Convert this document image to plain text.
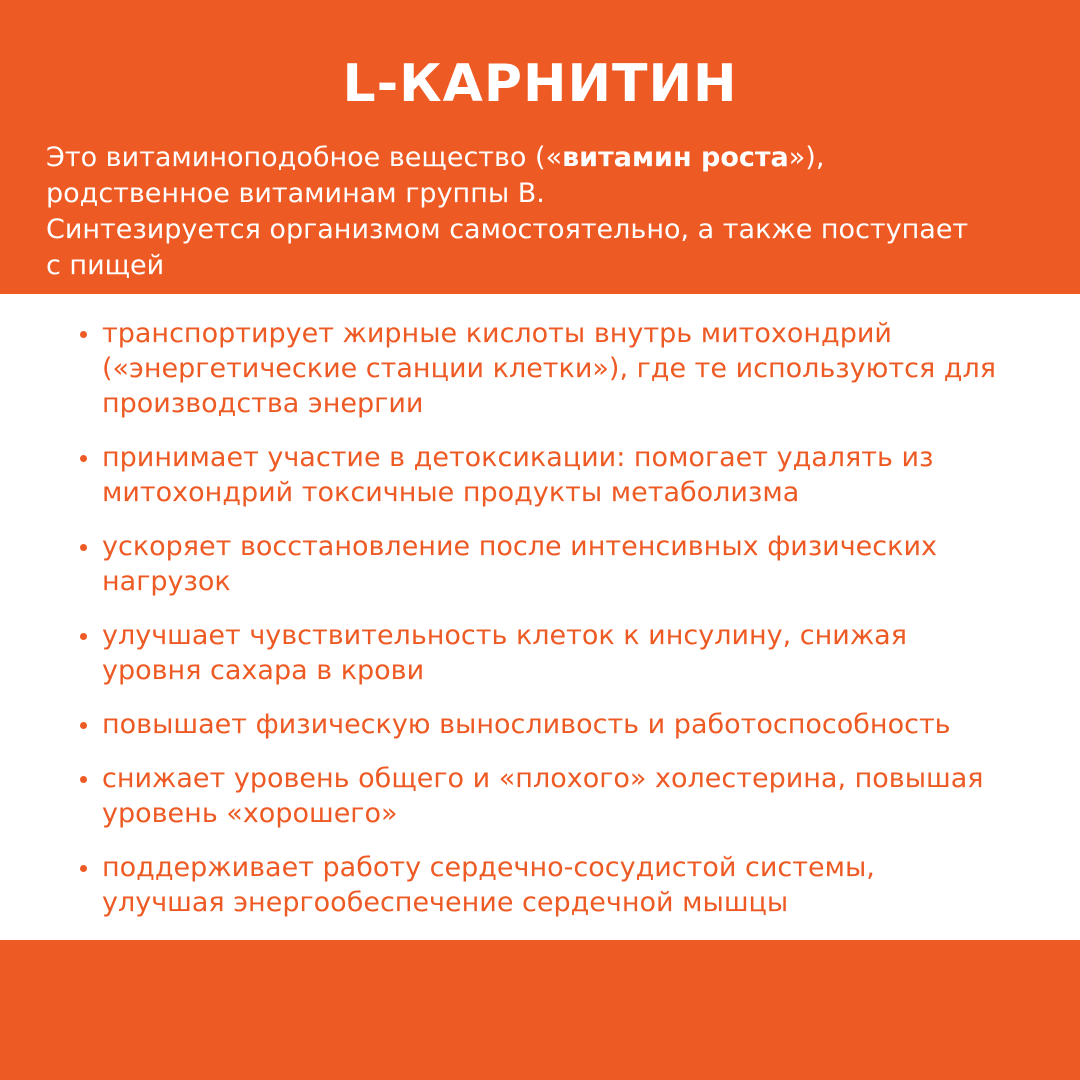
L-КАРНИТИН

Это витаминоподобное вещество («витамин роста»),
родственное витаминам группы В.
Синтезируется организмом самостоятельно, а также поступает
с пищей

транспортирует жирные кислоты внутрь митохондрий
(«энергетические станции клетки»), где те используются для
производства энергии
принимает участие в детоксикации: помогает удалять из
митохондрий токсичные продукты метаболизма
ускоряет восстановление после интенсивных физических
нагрузок
улучшает чувствительность клеток к инсулину, снижая
уровня сахара в крови
повышает физическую выносливость и работоспособность
снижает уровень общего и «плохого» холестерина, повышая
уровень «хорошего»
поддерживает работу сердечно-сосудистой системы,
улучшая энергообеспечение сердечной мышцы
